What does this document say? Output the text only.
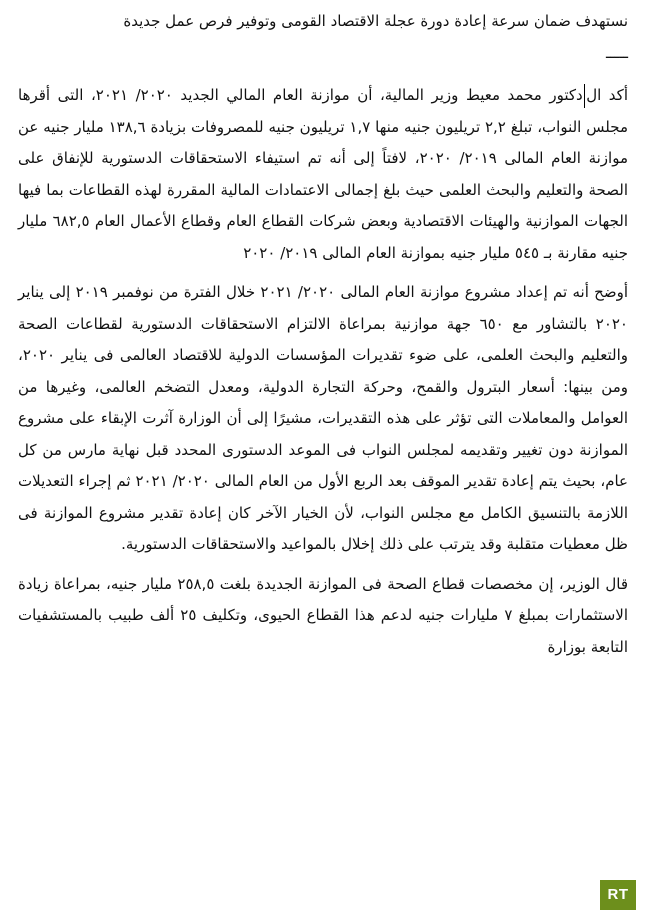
نستهدف ضمان سرعة إعادة دورة عجلة الاقتصاد القومى وتوفير فرص عمل جديدة

ـــــ

أكد الدكتور محمد معيط وزير المالية، أن موازنة العام المالي الجديد ٢٠٢٠/ ٢٠٢١، التى أقرها مجلس النواب، تبلغ ٢,٢ تريليون جنيه منها ١,٧ تريليون جنيه للمصروفات بزيادة ١٣٨,٦ مليار جنيه عن موازنة العام المالى ٢٠١٩/ ٢٠٢٠، لافتاً إلى أنه تم استيفاء الاستحقاقات الدستورية للإنفاق على الصحة والتعليم والبحث العلمى حيث بلغ إجمالى الاعتمادات المالية المقررة لهذه القطاعات بما فيها الجهات الموازنية والهيئات الاقتصادية وبعض شركات القطاع العام وقطاع الأعمال العام ٦٨٢,٥ مليار جنيه مقارنة بـ ٥٤٥ مليار جنيه بموازنة العام المالى ٢٠١٩/ ٢٠٢٠

أوضح أنه تم إعداد مشروع موازنة العام المالى ٢٠٢٠/ ٢٠٢١ خلال الفترة من نوفمبر ٢٠١٩ إلى يناير ٢٠٢٠ بالتشاور مع ٦٥٠ جهة موازنية بمراعاة الالتزام الاستحقاقات الدستورية لقطاعات الصحة والتعليم والبحث العلمى، على ضوء تقديرات المؤسسات الدولية للاقتصاد العالمى فى يناير ٢٠٢٠، ومن بينها: أسعار البترول والقمح، وحركة التجارة الدولية، ومعدل التضخم العالمى، وغيرها من العوامل والمعاملات التى تؤثر على هذه التقديرات، مشيرًا إلى أن الوزارة آثرت الإبقاء على مشروع الموازنة دون تغيير وتقديمه لمجلس النواب فى الموعد الدستورى المحدد قبل نهاية مارس من كل عام، بحيث يتم إعادة تقدير الموقف بعد الربع الأول من العام المالى ٢٠٢٠/ ٢٠٢١ ثم إجراء التعديلات اللازمة بالتنسيق الكامل مع مجلس النواب، لأن الخيار الآخر كان إعادة تقدير مشروع الموازنة فى ظل معطيات متقلبة وقد يترتب على ذلك إخلال بالمواعيد والاستحقاقات الدستورية.

قال الوزير، إن مخصصات قطاع الصحة فى الموازنة الجديدة بلغت ٢٥٨,٥ مليار جنيه، بمراعاة زيادة الاستثمارات بمبلغ ٧ مليارات جنيه لدعم هذا القطاع الحيوى، وتكليف ٢٥ ألف طبيب بالمستشفيات التابعة بوزارة

RT
